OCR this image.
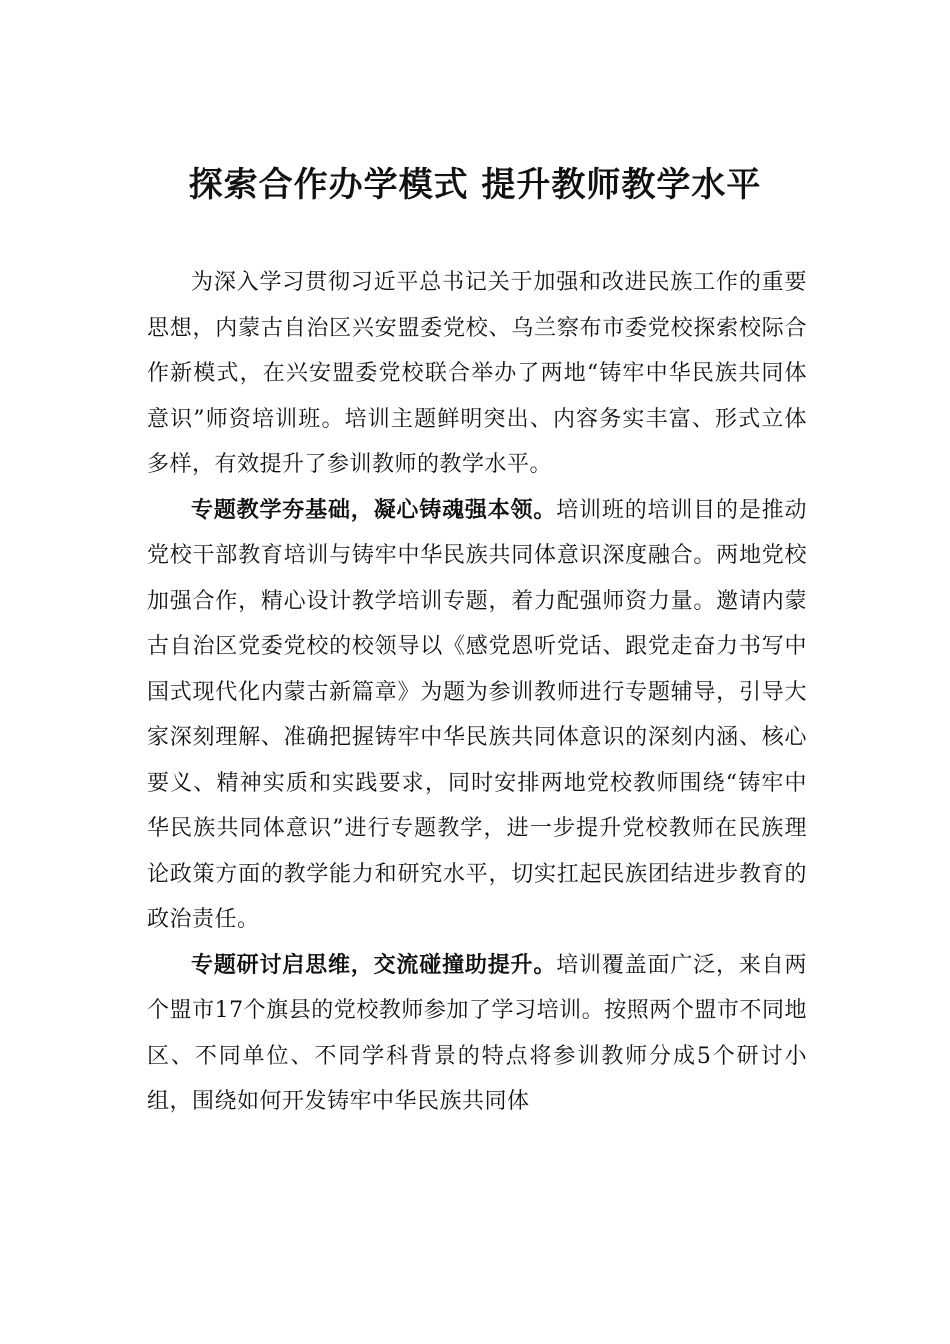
探索合作办学模式 提升教师教学水平

为深入学习贯彻习近平总书记关于加强和改进民族工作的重要思想，内蒙古自治区兴安盟委党校、乌兰察布市委党校探索校际合作新模式，在兴安盟委党校联合举办了两地“铸牢中华民族共同体意识”师资培训班。培训主题鲜明突出、内容务实丰富、形式立体多样，有效提升了参训教师的教学水平。

专题教学夯基础，凝心铸魂强本领。培训班的培训目的是推动党校干部教育培训与铸牢中华民族共同体意识深度融合。两地党校加强合作，精心设计教学培训专题，着力配强师资力量。邀请内蒙古自治区党委党校的校领导以《感党恩听党话、跟党走奋力书写中国式现代化内蒙古新篇章》为题为参训教师进行专题辅导，引导大家深刻理解、准确把握铸牢中华民族共同体意识的深刻内涵、核心要义、精神实质和实践要求，同时安排两地党校教师围绕“铸牢中华民族共同体意识”进行专题教学，进一步提升党校教师在民族理论政策方面的教学能力和研究水平，切实扛起民族团结进步教育的政治责任。

专题研讨启思维，交流碰撞助提升。培训覆盖面广泛，来自两个盟市17个旗县的党校教师参加了学习培训。按照两个盟市不同地区、不同单位、不同学科背景的特点将参训教师分成5个研讨小组，围绕如何开发铸牢中华民族共同体
